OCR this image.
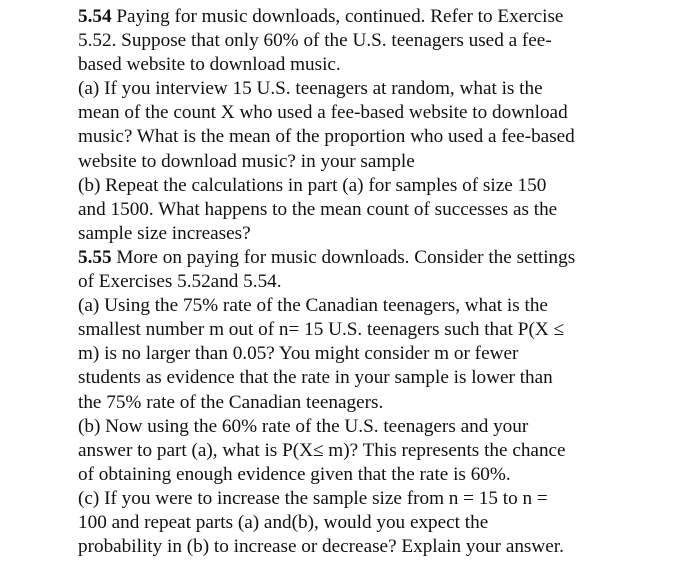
5.54 Paying for music downloads, continued. Refer to Exercise
5.52. Suppose that only 60% of the U.S. teenagers used a fee-
based website to download music.
(a) If you interview 15 U.S. teenagers at random, what is the
mean of the count X who used a fee-based website to download
music? What is the mean of the proportion who used a fee-based
website to download music? in your sample
(b) Repeat the calculations in part (a) for samples of size 150
and 1500. What happens to the mean count of successes as the
sample size increases?
5.55 More on paying for music downloads. Consider the settings
of Exercises 5.52and 5.54.
(a) Using the 75% rate of the Canadian teenagers, what is the
smallest number m out of n= 15 U.S. teenagers such that P(X ≤
m) is no larger than 0.05? You might consider m or fewer
students as evidence that the rate in your sample is lower than
the 75% rate of the Canadian teenagers.
(b) Now using the 60% rate of the U.S. teenagers and your
answer to part (a), what is P(X≤ m)? This represents the chance
of obtaining enough evidence given that the rate is 60%.
(c) If you were to increase the sample size from n = 15 to n =
100 and repeat parts (a) and(b), would you expect the
probability in (b) to increase or decrease? Explain your answer.
